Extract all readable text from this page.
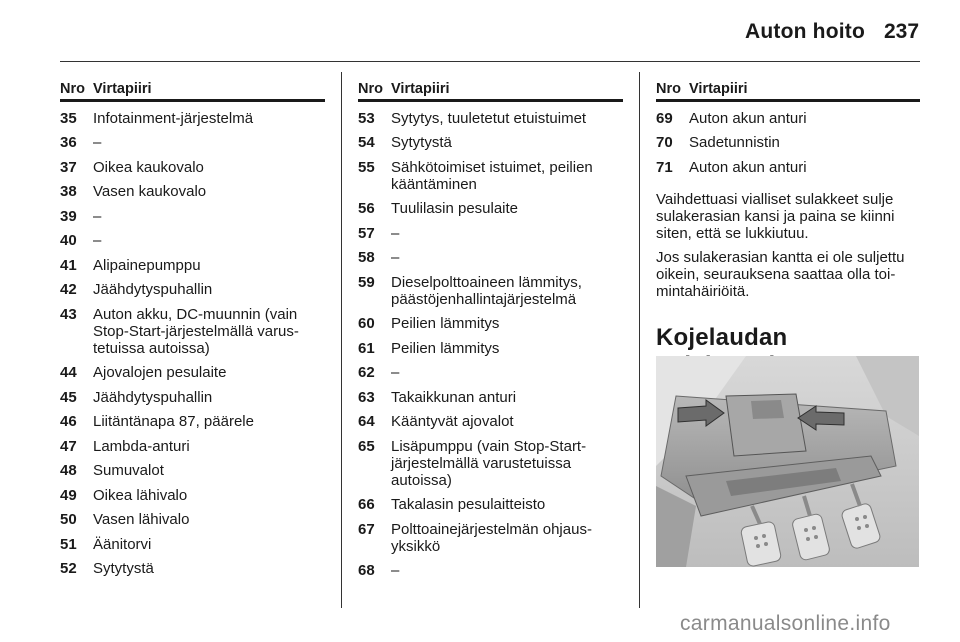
Auton hoito 237
Nro Virtapiiri
35	Infotainment-järjestelmä
36	–
37	Oikea kaukovalo
38	Vasen kaukovalo
39	–
40	–
41	Alipainepumppu
42	Jäähdytyspuhallin
43	Auton akku, DC-muunnin (vain Stop-Start-järjestelmällä varus-tetuissa autoissa)
44	Ajovalojen pesulaite
45	Jäähdytyspuhallin
46	Liitäntänapa 87, päärele
47	Lambda-anturi
48	Sumuvalot
49	Oikea lähivalo
50	Vasen lähivalo
51	Äänitorvi
52	Sytytystä
Nro Virtapiiri
53	Sytytys, tuuletetut etuistuimet
54	Sytytystä
55	Sähkötoimiset istuimet, peilien kääntäminen
56	Tuulilasin pesulaite
57	–
58	–
59	Dieselpolttoaineen lämmitys, päästöjenhallintajärjestelmä
60	Peilien lämmitys
61	Peilien lämmitys
62	–
63	Takaikkunan anturi
64	Kääntyvät ajovalot
65	Lisäpumppu (vain Stop-Start-järjestelmällä varustetuissa autoissa)
66	Takalasin pesulaitteisto
67	Polttoainejärjestelmän ohjaus-yksikkö
68	–
Nro Virtapiiri
69	Auton akun anturi
70	Sadetunnistin
71	Auton akun anturi
Vaihdettuasi vialliset sulakkeet sulje sulakerasian kansi ja paina se kiinni siten, että se lukkiutuu.
Jos sulakerasian kantta ei ole suljettu oikein, seurauksena saattaa olla toi-mintahäiriöitä.
Kojelaudan
carmanualsonline.info
